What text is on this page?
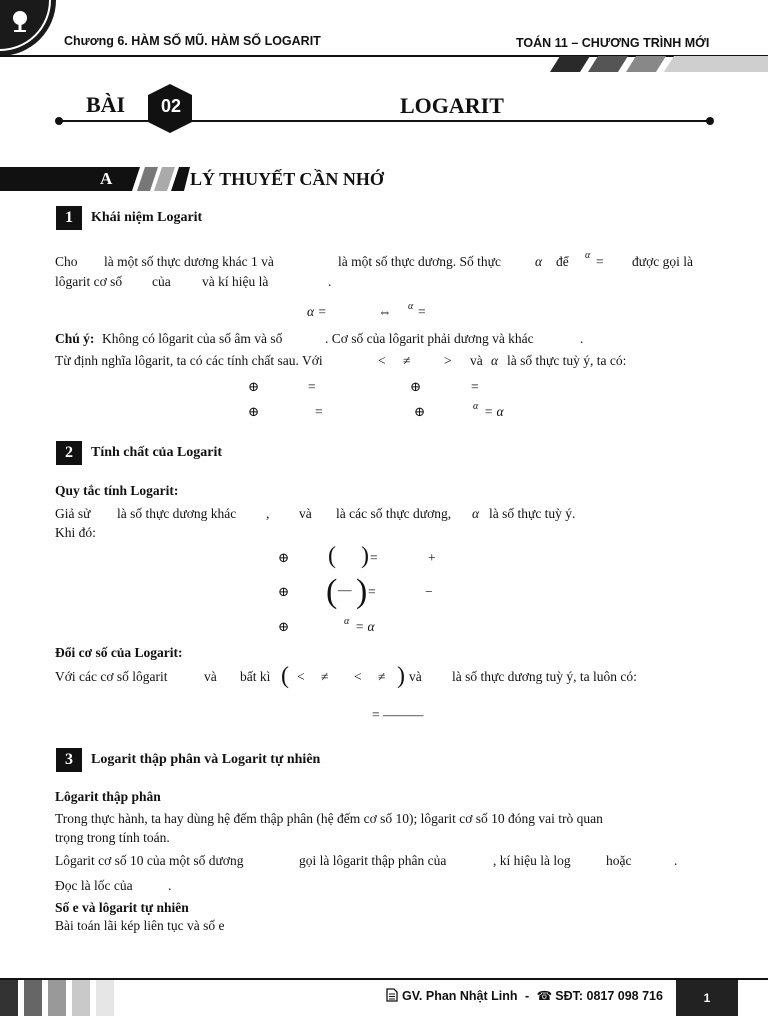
Chương 6. HÀM SỐ MŨ. HÀM SỐ LOGARIT	TOÁN 11 – CHƯƠNG TRÌNH MỚI
BÀI	02	LOGARIT
A	LÝ THUYẾT CẦN NHỚ
1	Khái niệm Logarit
Cho là một số thực dương khác 1 và	là một số thực dương. Số thực	α để α = được gọi là
lôgarit cơ số của và kí hiệu là	.
α =	⇔ α =
Chú ý: Không có lôgarit của số âm và số	. Cơ số của lôgarit phải dương và khác	.
Từ định nghĩa lôgarit, ta có các tính chất sau. Với	< ≠ > và α là số thực tuỳ ý, ta có:
⊕	=	⊕	=
⊕	=	⊕	α = α
2	Tính chất của Logarit
Quy tắc tính Logarit:
Giả sử là số thực dương khác , và là các số thực dương, α là số thực tuỳ ý.
Khi đó:
⊕ ( ) =	+
⊕ ( — ) =	−
⊕	α = α
Đổi cơ số của Logarit:
Với các cơ số lôgarit	và bất kì ( < ≠ < ≠ ) và là số thực dương tuỳ ý, ta luôn có:
= ———
3	Logarit thập phân và Logarit tự nhiên
Lôgarit thập phân
Trong thực hành, ta hay dùng hệ đếm thập phân (hệ đếm cơ số 10); lôgarit cơ số 10 đóng vai trò quan
trọng trong tính toán.
Lôgarit cơ số 10 của một số dương	gọi là lôgarit thập phân của	, kí hiệu là log	hoặc	.
Đọc là lốc của	.
Số e và lôgarit tự nhiên
Bài toán lãi kép liên tục và số e
GV. Phan Nhật Linh - ☎ SĐT: 0817 098 716	1
